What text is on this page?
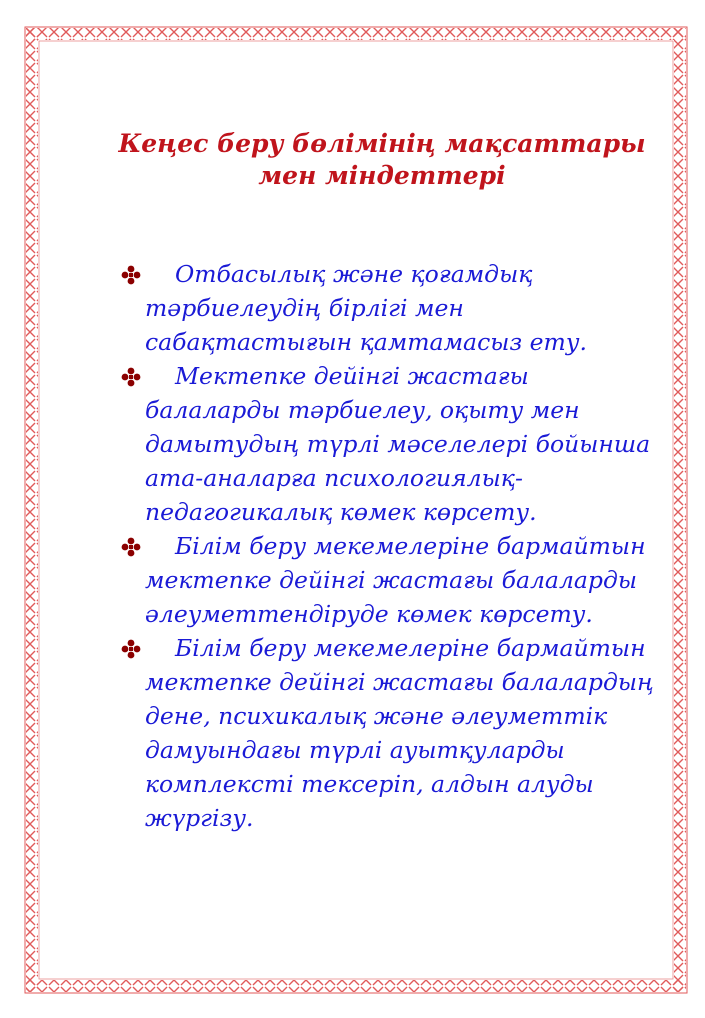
Кеңес беру бөлімінің мақсаттары мен міндеттері
Отбасылық және қоғамдық тәрбиелеудің бірлігі мен сабақтастығын қамтамасыз ету.
Мектепке дейінгі жастағы балаларды тәрбиелеу, оқыту мен дамытудың түрлі мәселелері бойынша ата-аналарға психологиялық-педагогикалық көмек көрсету.
Білім беру мекемелеріне бармайтын мектепке дейінгі жастағы балаларды әлеуметтендіруде көмек көрсету.
Білім беру мекемелеріне бармайтын мектепке дейінгі жастағы балалардың дене, психикалық және әлеуметтік дамуындағы түрлі ауытқуларды комплексті тексеріп, алдын алуды жүргізу.
